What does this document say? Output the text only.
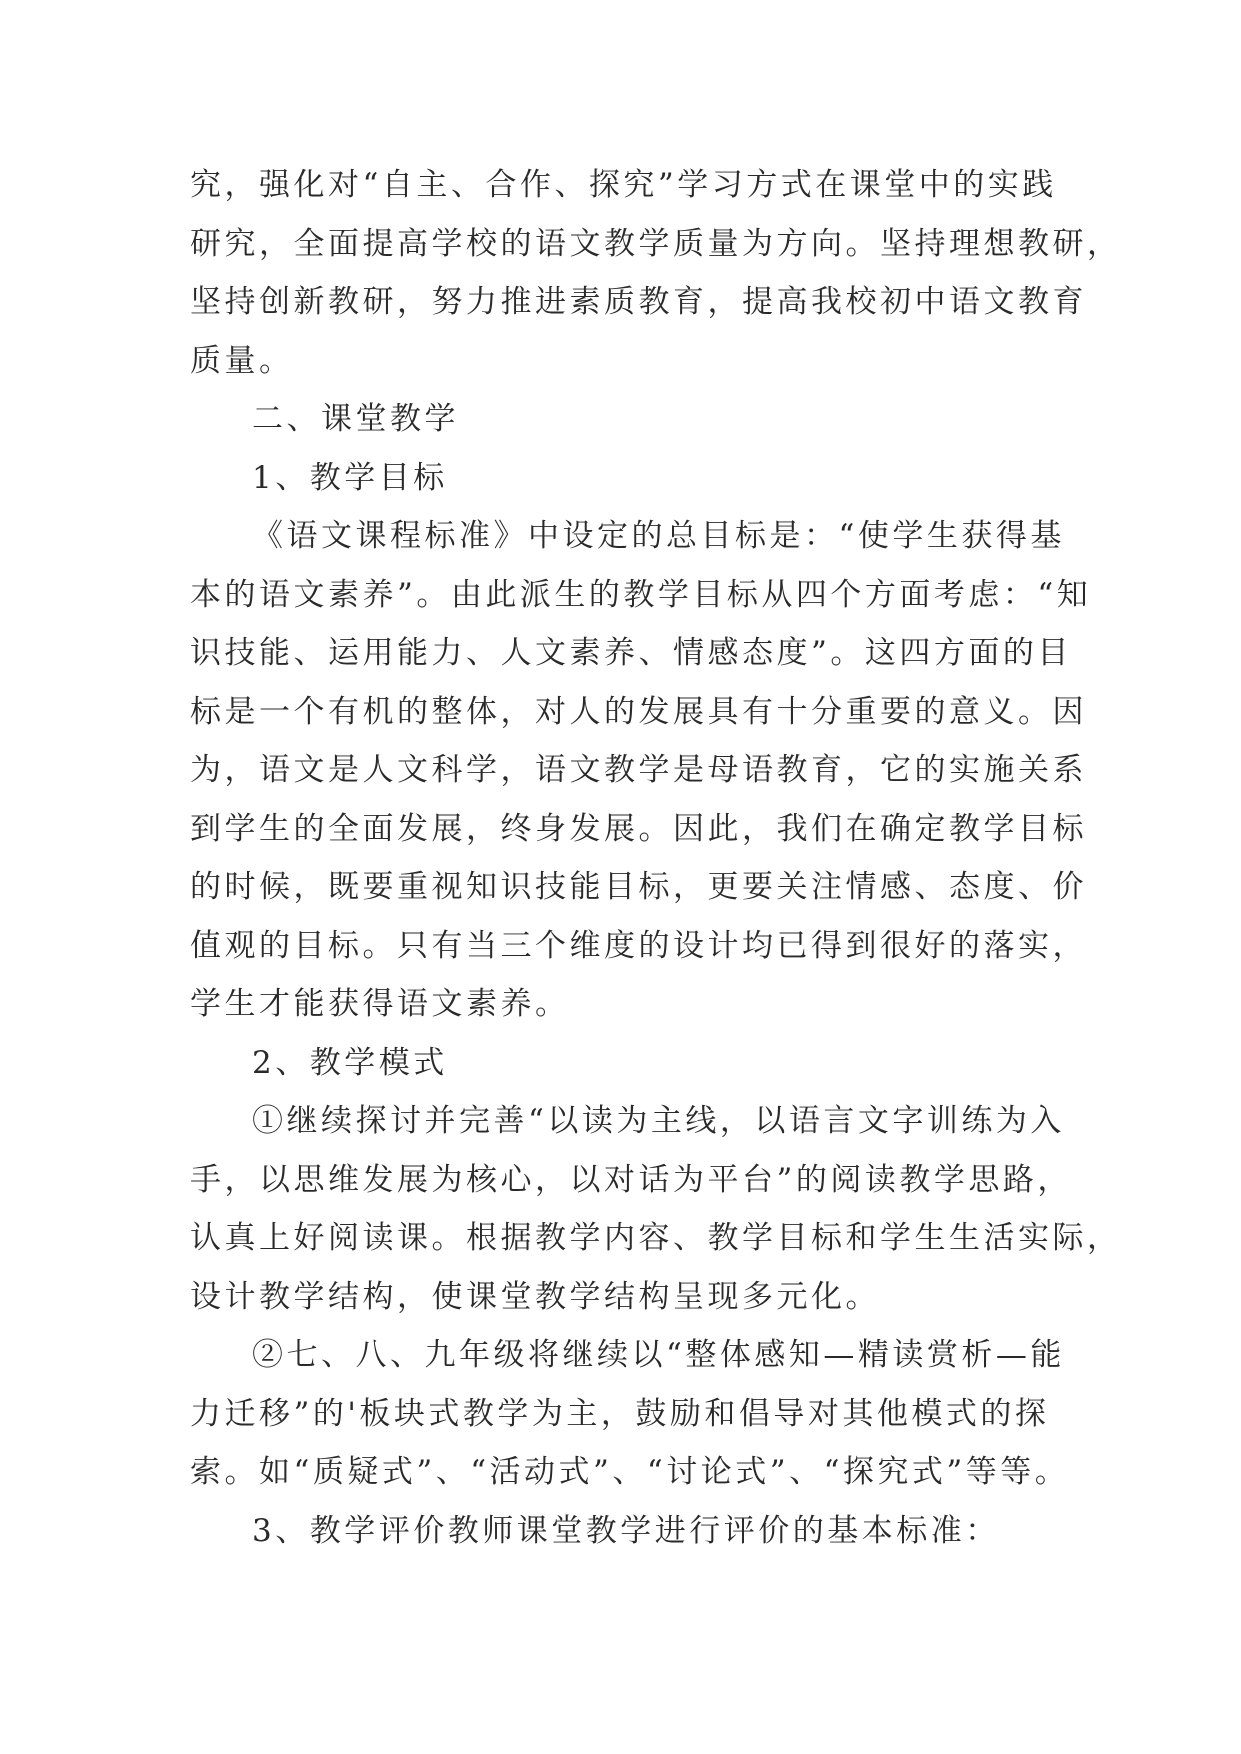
究，强化对“自主、合作、探究”学习方式在课堂中的实践
研究，全面提高学校的语文教学质量为方向。坚持理想教研，
坚持创新教研，努力推进素质教育，提高我校初中语文教育
质量。
二、课堂教学
1、教学目标
《语文课程标准》中设定的总目标是：“使学生获得基
本的语文素养”。由此派生的教学目标从四个方面考虑：“知
识技能、运用能力、人文素养、情感态度”。这四方面的目
标是一个有机的整体，对人的发展具有十分重要的意义。因
为，语文是人文科学，语文教学是母语教育，它的实施关系
到学生的全面发展，终身发展。因此，我们在确定教学目标
的时候，既要重视知识技能目标，更要关注情感、态度、价
值观的目标。只有当三个维度的设计均已得到很好的落实，
学生才能获得语文素养。
2、教学模式
①继续探讨并完善“以读为主线，以语言文字训练为入
手，以思维发展为核心，以对话为平台”的阅读教学思路，
认真上好阅读课。根据教学内容、教学目标和学生生活实际，
设计教学结构，使课堂教学结构呈现多元化。
②七、八、九年级将继续以“整体感知—精读赏析—能
力迁移”的'板块式教学为主，鼓励和倡导对其他模式的探
索。如“质疑式”、“活动式”、“讨论式”、“探究式”等等。
3、教学评价教师课堂教学进行评价的基本标准：
